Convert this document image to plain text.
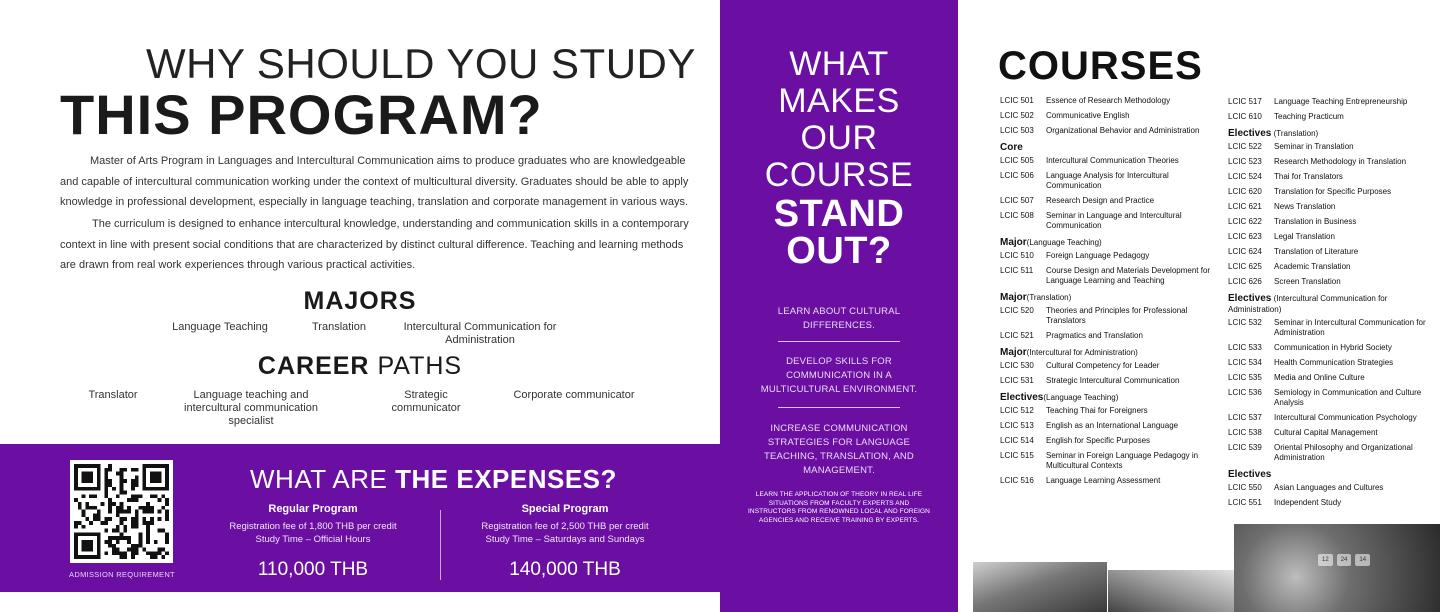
WHY SHOULD YOU STUDY
THIS PROGRAM?

Master of Arts Program in Languages and Intercultural Communication aims to produce graduates who are knowledgeable and capable of intercultural communication working under the context of multicultural diversity. Graduates should be able to apply knowledge in professional development, especially in language teaching, translation and corporate management in various ways.

The curriculum is designed to enhance intercultural knowledge, understanding and communication skills in a contemporary context in line with present social conditions that are characterized by distinct cultural difference. Teaching and learning methods are drawn from real work experiences through various practical activities.

MAJORS
Language Teaching	Translation	Intercultural Communication for Administration
CAREER PATHS
Translator	Language teaching and intercultural communication specialist
Strategic communicator
Corporate communicator
ADMISSION REQUIREMENT
WHAT ARE THE EXPENSES?
Regular Program
Registration fee of 1,800 THB per credit
Study Time – Official Hours
110,000 THB
Special Program
Registration fee of 2,500 THB per credit
Study Time – Saturdays and Sundays
140,000 THB
WHAT
MAKES
OUR
COURSE
STAND
OUT?
LEARN ABOUT CULTURAL DIFFERENCES.
DEVELOP SKILLS FOR COMMUNICATION IN A MULTICULTURAL ENVIRONMENT.
INCREASE COMMUNICATION STRATEGIES FOR LANGUAGE TEACHING, TRANSLATION, AND MANAGEMENT.
LEARN THE APPLICATION OF THEORY IN REAL LIFE SITUATIONS FROM FACULTY EXPERTS AND INSTRUCTORS FROM RENOWNED LOCAL AND FOREIGN AGENCIES AND RECEIVE TRAINING BY EXPERTS.
COURSES
LCIC 501	Essence of Research Methodology
LCIC 502	Communicative English
LCIC 503	Organizational Behavior and Administration
Core
LCIC 505	Intercultural Communication Theories
LCIC 506	Language Analysis for Intercultural Communication
LCIC 507	Research Design and Practice
LCIC 508	Seminar in Language and Intercultural Communication
Major(Language Teaching)
LCIC 510	Foreign Language Pedagogy
LCIC 511	Course Design and Materials Development for Language Learning and Teaching
Major(Translation)
LCIC 520	Theories and Principles for Professional Translators
LCIC 521	Pragmatics and Translation
Major(Intercultural for Administration)
LCIC 530	Cultural Competency for Leader
LCIC 531	Strategic Intercultural Communication
Electives(Language Teaching)
LCIC 512	Teaching Thai for Foreigners
LCIC 513	English as an International Language
LCIC 514	English for Specific Purposes
LCIC 515	Seminar in Foreign Language Pedagogy in Multicultural Contexts
LCIC 516	Language Learning Assessment
LCIC 517	Language Teaching Entrepreneurship
LCIC 610	Teaching Practicum
Electives (Translation)
LCIC 522	Seminar in Translation
LCIC 523	Research Methodology in Translation
LCIC 524	Thai for Translators
LCIC 620	Translation for Specific Purposes
LCIC 621	News Translation
LCIC 622	Translation in Business
LCIC 623	Legal Translation
LCIC 624	Translation of Literature
LCIC 625	Academic Translation
LCIC 626	Screen Translation
Electives (Intercultural Communication for Administration)
LCIC 532	Seminar in Intercultural Communication for Administration
LCIC 533	Communication in Hybrid Society
LCIC 534	Health Communication Strategies
LCIC 535	Media and Online Culture
LCIC 536	Semiology in Communication and Culture Analysis
LCIC 537	Intercultural Communication Psychology
LCIC 538	Cultural Capital Management
LCIC 539	Oriental Philosophy and Organizational Administration
Electives
LCIC 550	Asian Languages and Cultures
LCIC 551	Independent Study
12	24	14
